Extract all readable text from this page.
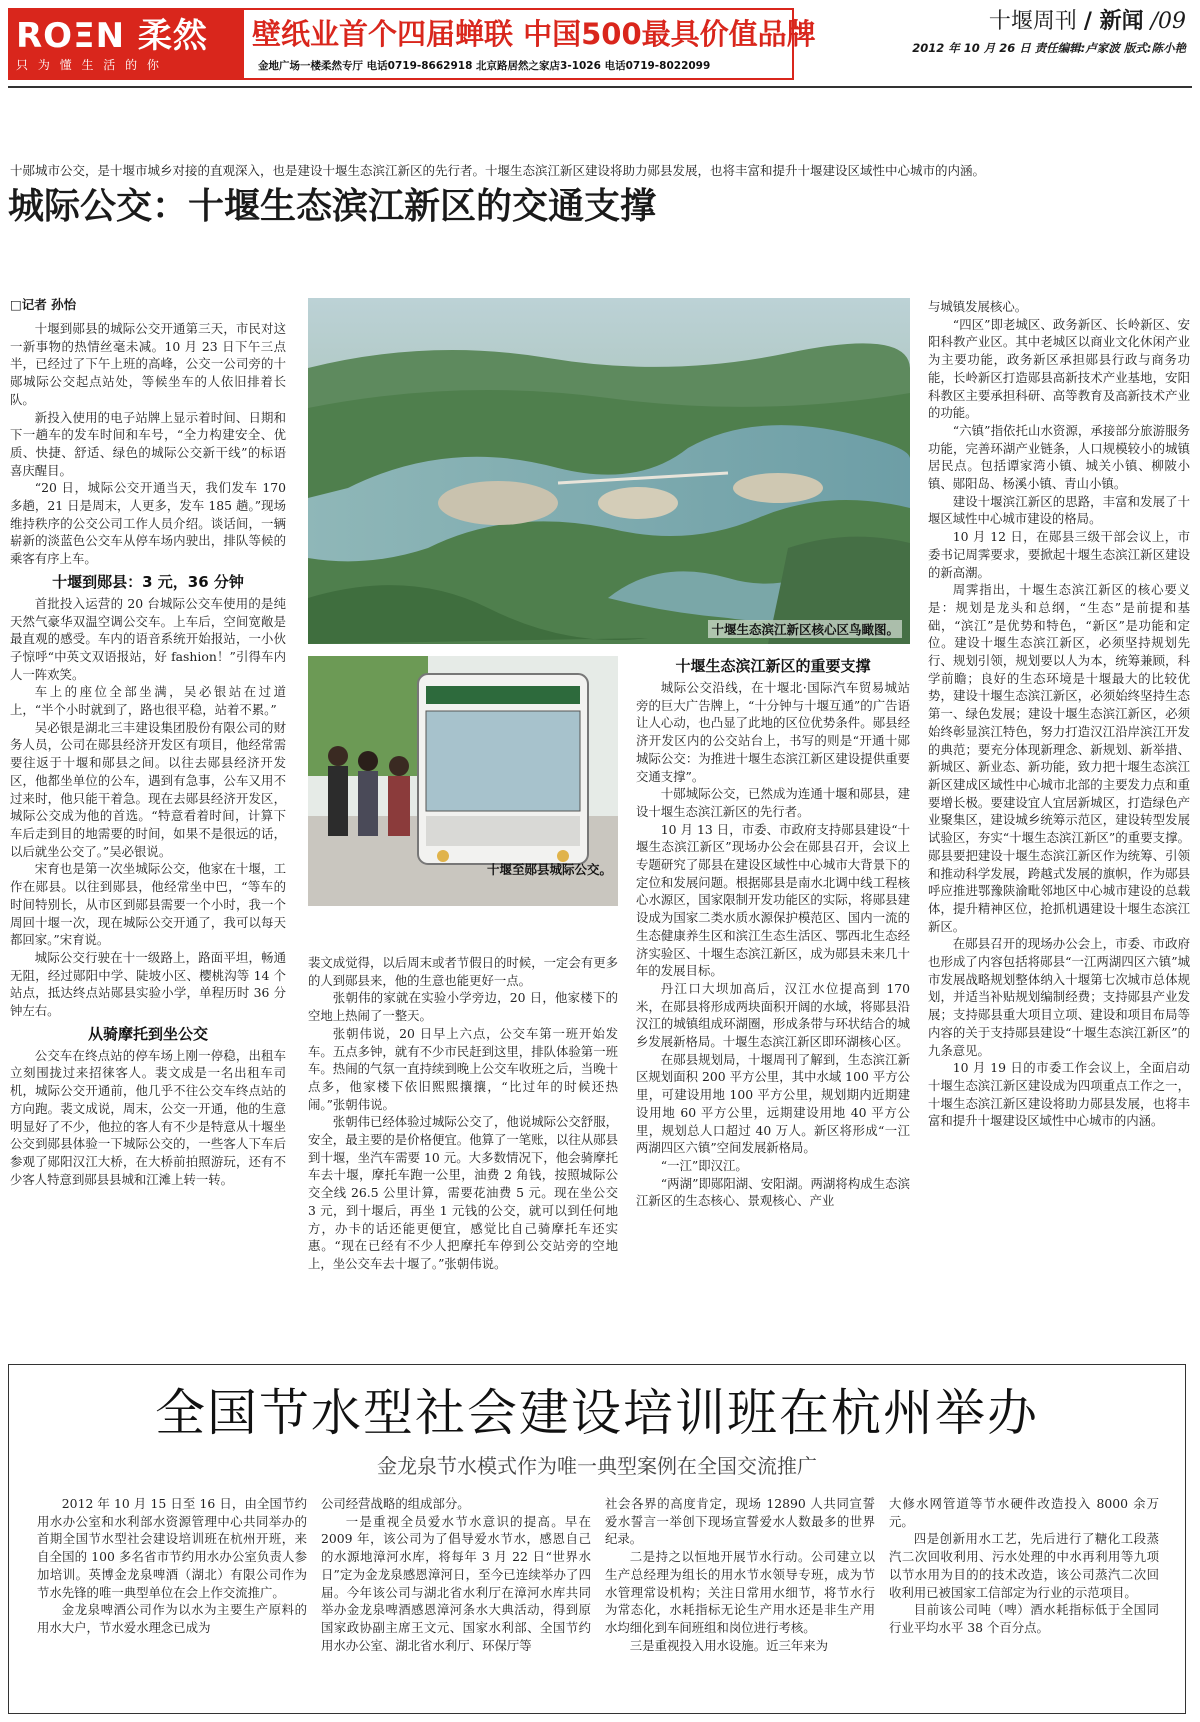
ROΞN 柔然
只 为 懂 生 活 的 你
壁纸业首个四届蝉联 中国500最具价值品牌
金地广场一楼柔然专厅 电话0719-8662918 北京路居然之家店3-1026 电话0719-8022099
十堰周刊 / 新闻 /09
2012 年 10 月 26 日 责任编辑:卢家波 版式:陈小艳
十郧城市公交，是十堰市城乡对接的直观深入，也是建设十堰生态滨江新区的先行者。十堰生态滨江新区建设将助力郧县发展，也将丰富和提升十堰建设区域性中心城市的内涵。
城际公交：十堰生态滨江新区的交通支撑
□记者 孙怡

十堰到郧县的城际公交开通第三天，市民对这一新事物的热情丝毫未减。10 月 23 日下午三点半，已经过了下午上班的高峰，公交一公司旁的十郧城际公交起点站处，等候坐车的人依旧排着长队。

新投入使用的电子站牌上显示着时间、日期和下一趟车的发车时间和车号，“全力构建安全、优质、快捷、舒适、绿色的城际公交新干线”的标语喜庆醒目。

“20 日，城际公交开通当天，我们发车 170 多趟，21 日是周末，人更多，发车 185 趟。”现场维持秩序的公交公司工作人员介绍。谈话间，一辆崭新的淡蓝色公交车从停车场内驶出，排队等候的乘客有序上车。

十堰到郧县：3 元，36 分钟

首批投入运营的 20 台城际公交车使用的是纯天然气豪华双温空调公交车。上车后，空间宽敞是最直观的感受。车内的语音系统开始报站，一小伙子惊呼“中英文双语报站，好 fashion！”引得车内人一阵欢笑。

车上的座位全部坐满，吴必银站在过道上，“半个小时就到了，路也很平稳，站着不累。”

吴必银是湖北三丰建设集团股份有限公司的财务人员，公司在郧县经济开发区有项目，他经常需要往返于十堰和郧县之间。以往去郧县经济开发区，他都坐单位的公车，遇到有急事，公车又用不过来时，他只能干着急。现在去郧县经济开发区，城际公交成为他的首选。“特意看着时间，计算下车后走到目的地需要的时间，如果不是很远的话，以后就坐公交了。”吴必银说。

宋育也是第一次坐城际公交，他家在十堰，工作在郧县。以往到郧县，他经常坐中巴，“等车的时间特别长，从市区到郧县需要一个小时，我一个周回十堰一次，现在城际公交开通了，我可以每天都回家。”宋育说。

城际公交行驶在十一级路上，路面平坦，畅通无阻，经过郧阳中学、陡坡小区、樱桃沟等 14 个站点，抵达终点站郧县实验小学，单程历时 36 分钟左右。

从骑摩托到坐公交

公交车在终点站的停车场上刚一停稳，出租车立刻围拢过来招徕客人。裴文成是一名出租车司机，城际公交开通前，他几乎不往公交车终点站的方向跑。裴文成说，周末，公交一开通，他的生意明显好了不少，他拉的客人有不少是特意从十堰坐公交到郧县体验一下城际公交的，一些客人下车后参观了郧阳汉江大桥，在大桥前拍照游玩，还有不少客人特意到郧县县城和江滩上转一转。

十堰生态滨江新区核心区鸟瞰图。
十堰至郧县城际公交。

裴文成觉得，以后周末或者节假日的时候，一定会有更多的人到郧县来，他的生意也能更好一点。

张朝伟的家就在实验小学旁边，20 日，他家楼下的空地上热闹了一整天。

张朝伟说，20 日早上六点，公交车第一班开始发车。五点多钟，就有不少市民赶到这里，排队体验第一班车。热闹的气氛一直持续到晚上公交车收班之后，当晚十点多，他家楼下依旧熙熙攘攘，“比过年的时候还热闹。”张朝伟说。

张朝伟已经体验过城际公交了，他说城际公交舒服，安全，最主要的是价格便宜。他算了一笔账，以往从郧县到十堰，坐汽车需要 10 元。大多数情况下，他会骑摩托车去十堰，摩托车跑一公里，油费 2 角钱，按照城际公交全线 26.5 公里计算，需要花油费 5 元。现在坐公交 3 元，到十堰后，再坐 1 元钱的公交，就可以到任何地方，办卡的话还能更便宜，感觉比自己骑摩托车还实惠。“现在已经有不少人把摩托车停到公交站旁的空地上，坐公交车去十堰了。”张朝伟说。

十堰生态滨江新区的重要支撑

城际公交沿线，在十堰北·国际汽车贸易城站旁的巨大广告牌上，“十分钟与十堰互通”的广告语让人心动，也凸显了此地的区位优势条件。郧县经济开发区内的公交站台上，书写的则是“开通十郧城际公交：为推进十堰生态滨江新区建设提供重要交通支撑”。

十郧城际公交，已然成为连通十堰和郧县，建设十堰生态滨江新区的先行者。

10 月 13 日，市委、市政府支持郧县建设“十堰生态滨江新区”现场办公会在郧县召开，会议上专题研究了郧县在建设区域性中心城市大背景下的定位和发展问题。根据郧县是南水北调中线工程核心水源区，国家限制开发功能区的实际，将郧县建设成为国家二类水质水源保护模范区、国内一流的生态健康养生区和滨江生态生活区、鄂西北生态经济实验区、十堰生态滨江新区，成为郧县未来几十年的发展目标。

丹江口大坝加高后，汉江水位提高到 170 米，在郧县将形成两块面积开阔的水域，将郧县沿汉江的城镇组成环湖圈，形成条带与环状结合的城乡发展新格局。十堰生态滨江新区即环湖核心区。

在郧县规划局，十堰周刊了解到，生态滨江新区规划面积 200 平方公里，其中水域 100 平方公里，可建设用地 100 平方公里，规划期内近期建设用地 60 平方公里，远期建设用地 40 平方公里，规划总人口超过 40 万人。新区将形成“一江两湖四区六镇”空间发展新格局。

“一江”即汉江。

“两湖”即郧阳湖、安阳湖。两湖将构成生态滨江新区的生态核心、景观核心、产业

与城镇发展核心。

“四区”即老城区、政务新区、长岭新区、安阳科教产业区。其中老城区以商业文化休闲产业为主要功能，政务新区承担郧县行政与商务功能，长岭新区打造郧县高新技术产业基地，安阳科教区主要承担科研、高等教育及高新技术产业的功能。

“六镇”指依托山水资源，承接部分旅游服务功能，完善环湖产业链条，人口规模较小的城镇居民点。包括谭家湾小镇、城关小镇、柳陂小镇、郧阳岛、杨溪小镇、青山小镇。

建设十堰滨江新区的思路，丰富和发展了十堰区域性中心城市建设的格局。

10 月 12 日，在郧县三级干部会议上，市委书记周霁要求，要掀起十堰生态滨江新区建设的新高潮。

周霁指出，十堰生态滨江新区的核心要义是：规划是龙头和总纲，“生态”是前提和基础，“滨江”是优势和特色，“新区”是功能和定位。建设十堰生态滨江新区，必须坚持规划先行、规划引领，规划要以人为本，统筹兼顾，科学前瞻；良好的生态环境是十堰最大的比较优势，建设十堰生态滨江新区，必须始终坚持生态第一、绿色发展；建设十堰生态滨江新区，必须始终彰显滨江特色，努力打造汉江沿岸滨江开发的典范；要充分体现新理念、新规划、新举措、新城区、新业态、新功能，致力把十堰生态滨江新区建成区域性中心城市北部的主要发力点和重要增长极。要建设宜人宜居新城区，打造绿色产业聚集区，建设城乡统筹示范区，建设转型发展试验区，夯实“十堰生态滨江新区”的重要支撑。郧县要把建设十堰生态滨江新区作为统筹、引领和推动科学发展，跨越式发展的旗帜，作为郧县呼应推进鄂豫陕渝毗邻地区中心城市建设的总载体，提升精神区位，抢抓机遇建设十堰生态滨江新区。

在郧县召开的现场办公会上，市委、市政府也形成了内容包括将郧县“一江两湖四区六镇”城市发展战略规划整体纳入十堰第七次城市总体规划，并适当补贴规划编制经费；支持郧县产业发展；支持郧县重大项目立项、建设和项目布局等内容的关于支持郧县建设“十堰生态滨江新区”的九条意见。

10 月 19 日的市委工作会议上，全面启动十堰生态滨江新区建设成为四项重点工作之一，十堰生态滨江新区建设将助力郧县发展，也将丰富和提升十堰建设区域性中心城市的内涵。

全国节水型社会建设培训班在杭州举办
金龙泉节水模式作为唯一典型案例在全国交流推广

2012 年 10 月 15 日至 16 日，由全国节约用水办公室和水利部水资源管理中心共同举办的首期全国节水型社会建设培训班在杭州开班，来自全国的 100 多名省市节约用水办公室负责人参加培训。英博金龙泉啤酒（湖北）有限公司作为节水先锋的唯一典型单位在会上作交流推广。

金龙泉啤酒公司作为以水为主要生产原料的用水大户，节水爱水理念已成为

公司经营战略的组成部分。

一是重视全员爱水节水意识的提高。早在 2009 年，该公司为了倡导爱水节水，感恩自己的水源地漳河水库，将每年 3 月 22 日“世界水日”定为金龙泉感恩漳河日，至今已连续举办了四届。今年该公司与湖北省水利厅在漳河水库共同举办金龙泉啤酒感恩漳河条水大典活动，得到原国家政协副主席王文元、国家水利部、全国节约用水办公室、湖北省水利厅、环保厅等

社会各界的高度肯定，现场 12890 人共同宣誓爱水誓言一举创下现场宣誓爱水人数最多的世界纪录。

二是持之以恒地开展节水行动。公司建立以生产总经理为组长的用水节水领导专班，成为节水管理常设机构；关注日常用水细节，将节水行为常态化，水耗指标无论生产用水还是非生产用水均细化到车间班组和岗位进行考核。

三是重视投入用水设施。近三年来为

大修水网管道等节水硬件改造投入 8000 余万元。

四是创新用水工艺，先后进行了糖化工段蒸汽二次回收利用、污水处理的中水再利用等九项以节水用为目的的技术改造，该公司蒸汽二次回收利用已被国家工信部定为行业的示范项目。

目前该公司吨（啤）酒水耗指标低于全国同行业平均水平 38 个百分点。
